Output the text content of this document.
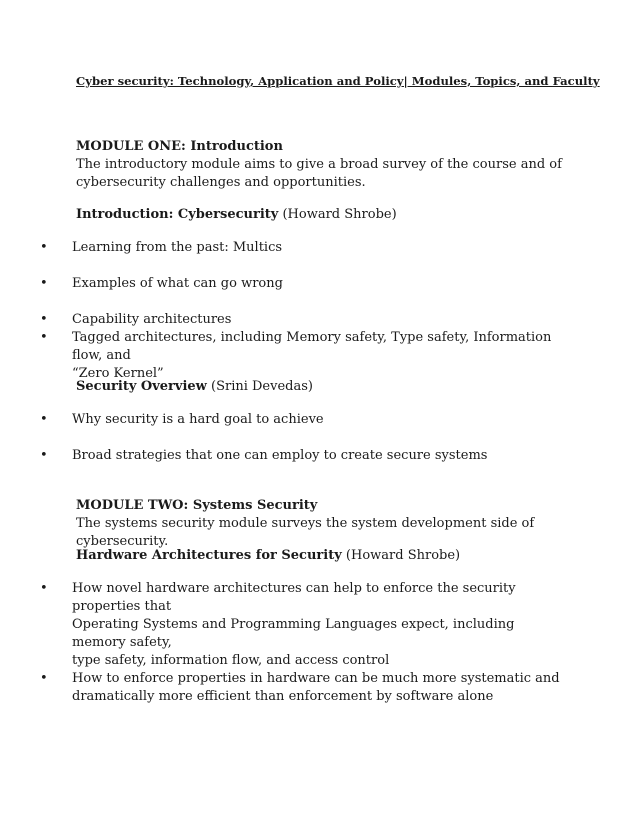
Cyber security: Technology, Application and Policy| Modules, Topics, and Faculty
MODULE ONE: Introduction
The introductory module aims to give a broad survey of the course and of
cybersecurity challenges and opportunities.
Introduction: Cybersecurity (Howard Shrobe)
• Learning from the past: Multics
• Examples of what can go wrong
• Capability architectures
• Tagged architectures, including Memory safety, Type safety, Information flow, and
“Zero Kernel”
Security Overview (Srini Devedas)
• Why security is a hard goal to achieve
• Broad strategies that one can employ to create secure systems
MODULE TWO: Systems Security
The systems security module surveys the system development side of cybersecurity.
Hardware Architectures for Security (Howard Shrobe)
• How novel hardware architectures can help to enforce the security properties that
Operating Systems and Programming Languages expect, including memory safety,
type safety, information flow, and access control
• How to enforce properties in hardware can be much more systematic and
dramatically more efficient than enforcement by software alone
